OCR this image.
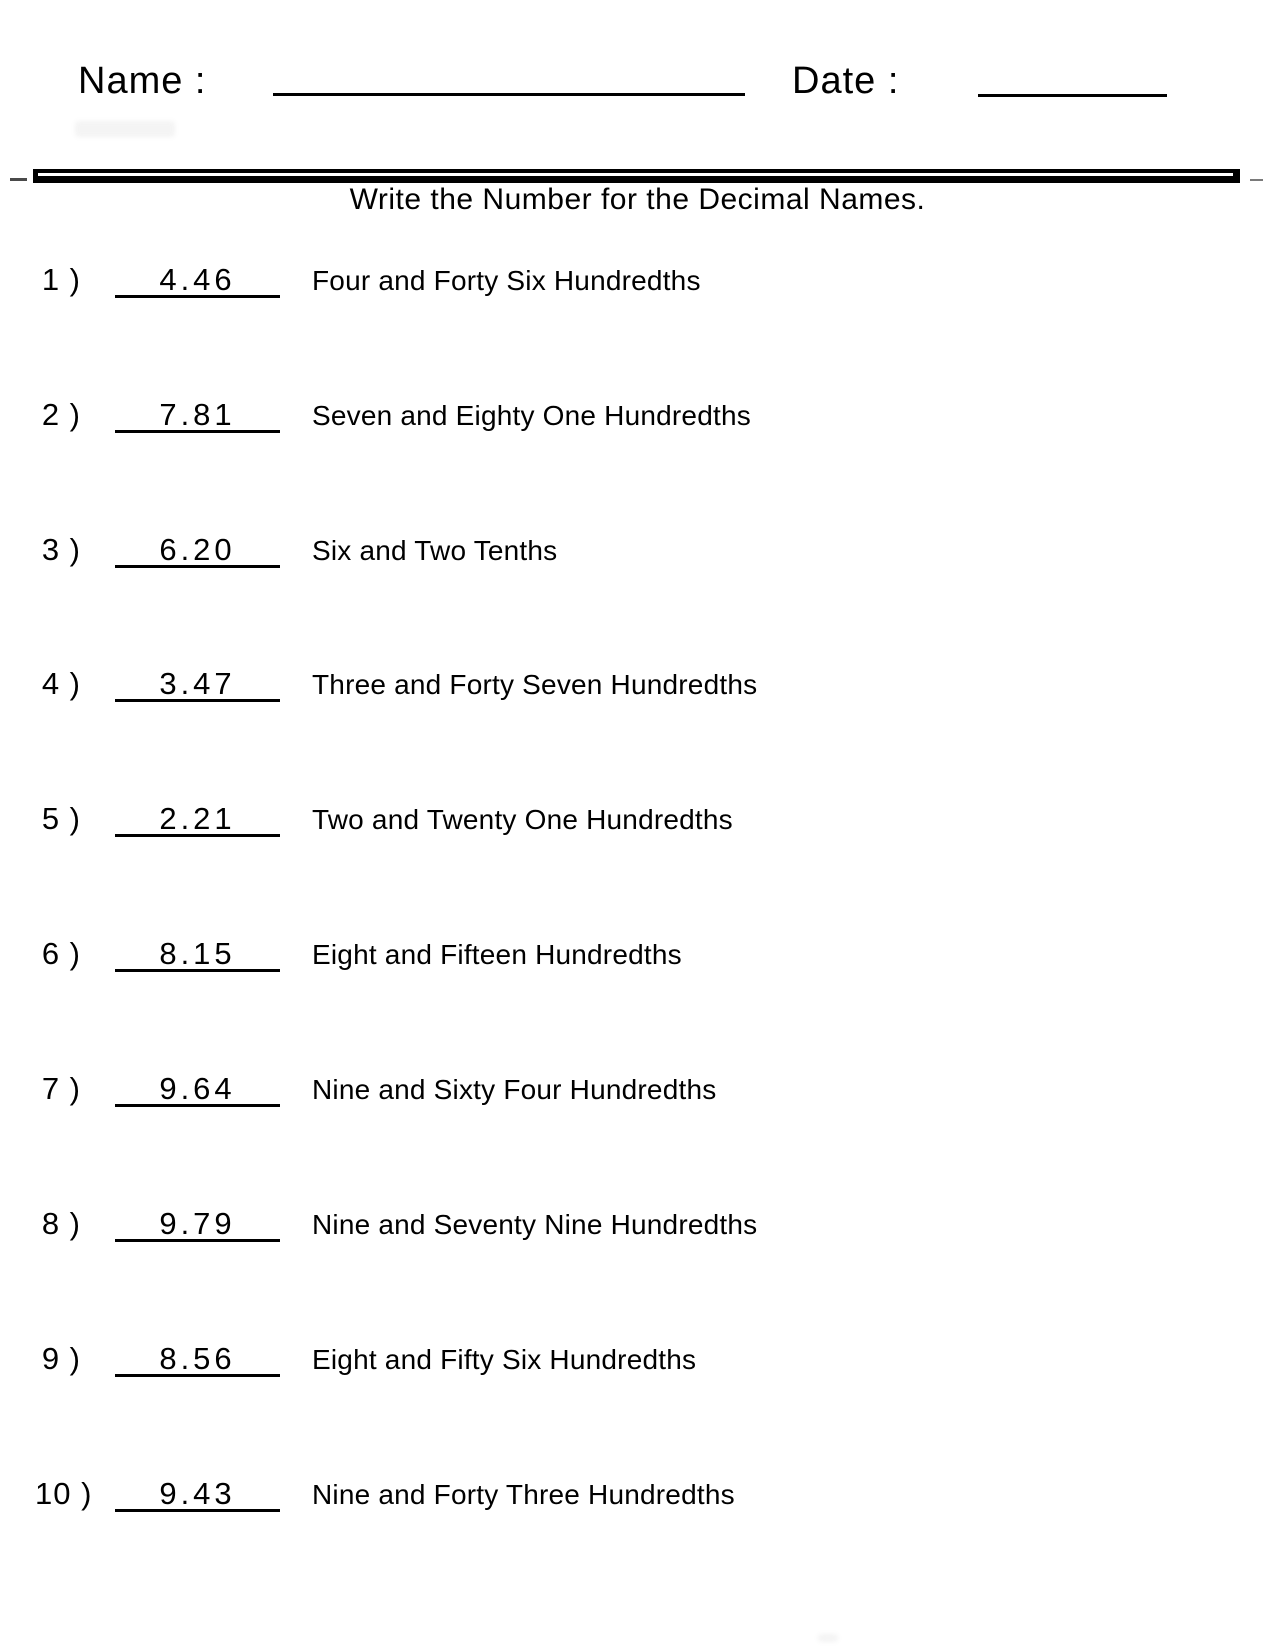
Name :	Date :
Write the Number for the Decimal Names.
1 )	4.46	Four and Forty Six Hundredths
2 )	7.81	Seven and Eighty One Hundredths
3 )	6.20	Six and Two Tenths
4 )	3.47	Three and Forty Seven Hundredths
5 )	2.21	Two and Twenty One Hundredths
6 )	8.15	Eight and Fifteen Hundredths
7 )	9.64	Nine and Sixty Four Hundredths
8 )	9.79	Nine and Seventy Nine Hundredths
9 )	8.56	Eight and Fifty Six Hundredths
10 )	9.43	Nine and Forty Three Hundredths
